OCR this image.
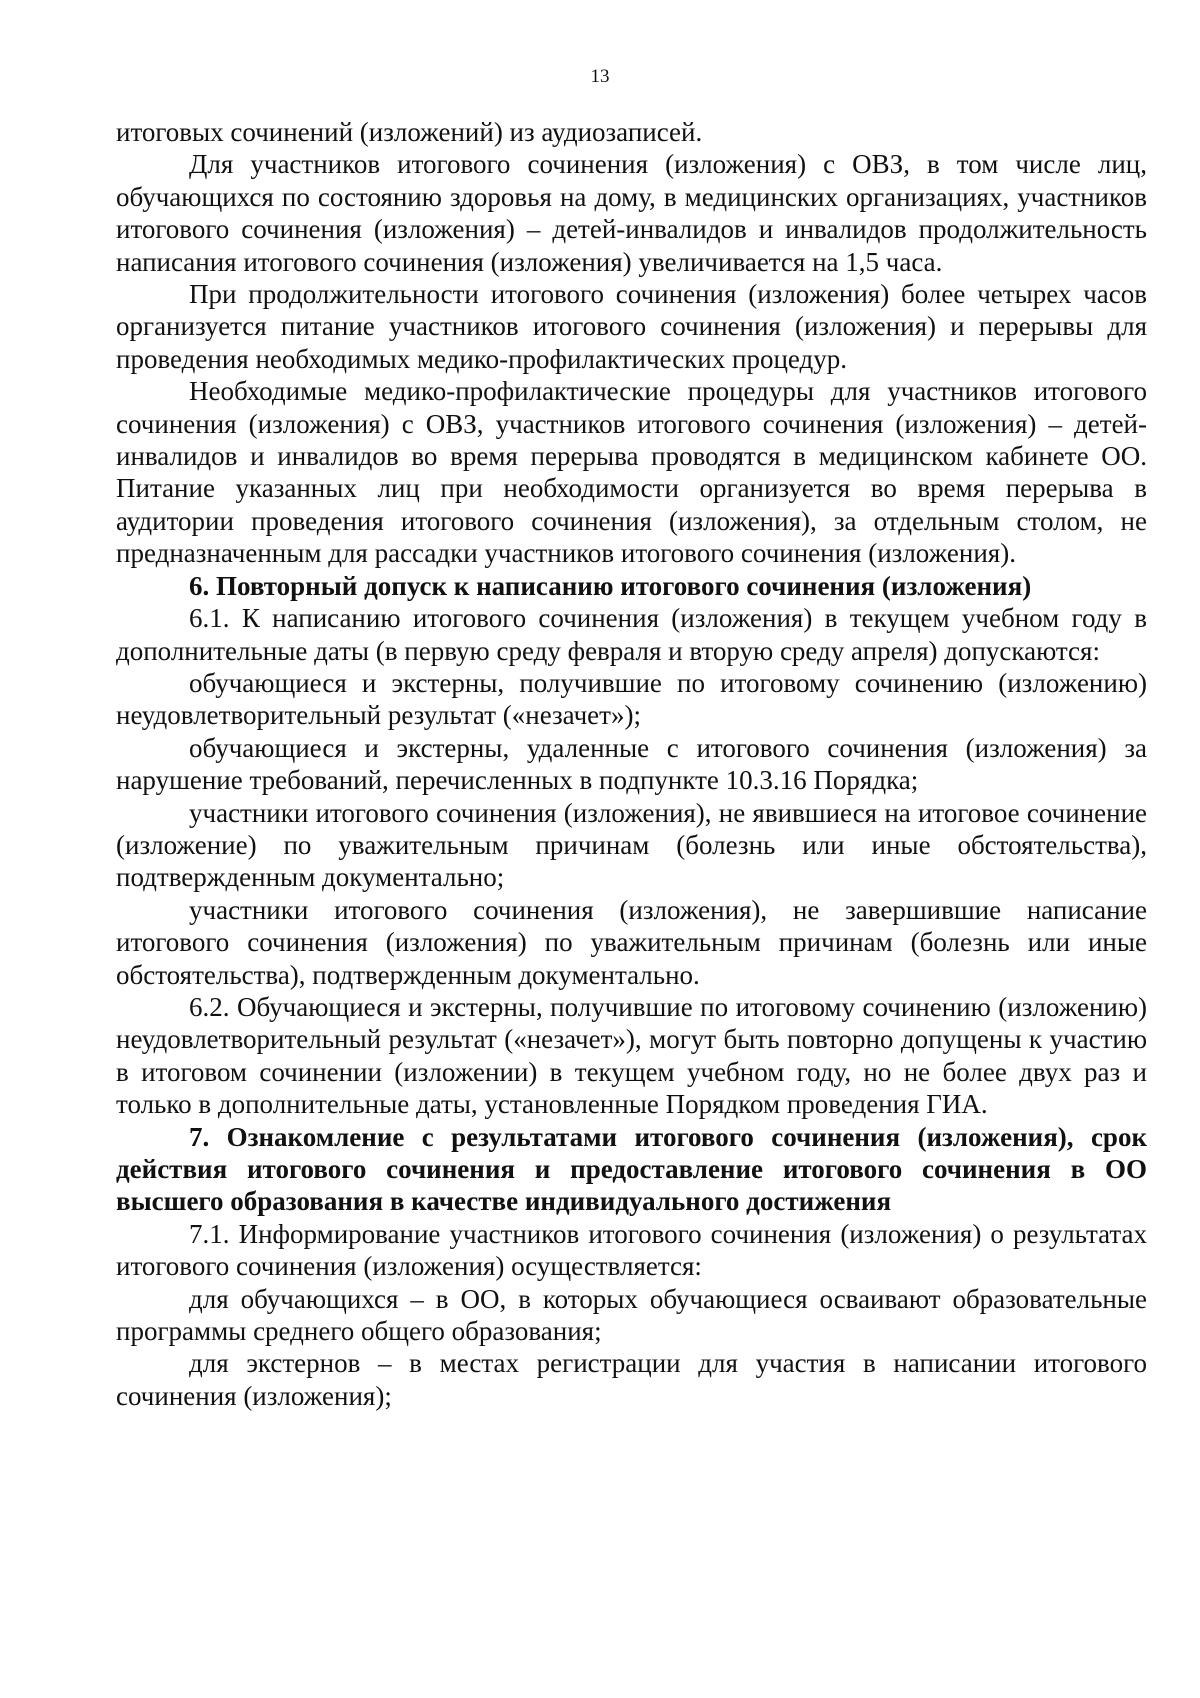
13

итоговых сочинений (изложений) из аудиозаписей.

Для участников итогового сочинения (изложения) с ОВЗ, в том числе лиц, обучающихся по состоянию здоровья на дому, в медицинских организациях, участников итогового сочинения (изложения) – детей-инвалидов и инвалидов продолжительность написания итогового сочинения (изложения) увеличивается на 1,5 часа.

При продолжительности итогового сочинения (изложения) более четырех часов организуется питание участников итогового сочинения (изложения) и перерывы для проведения необходимых медико-профилактических процедур.

Необходимые медико-профилактические процедуры для участников итогового сочинения (изложения) с ОВЗ, участников итогового сочинения (изложения) – детей-инвалидов и инвалидов во время перерыва проводятся в медицинском кабинете ОО. Питание указанных лиц при необходимости организуется во время перерыва в аудитории проведения итогового сочинения (изложения), за отдельным столом, не предназначенным для рассадки участников итогового сочинения (изложения).

6. Повторный допуск к написанию итогового сочинения (изложения)

6.1. К написанию итогового сочинения (изложения) в текущем учебном году в дополнительные даты (в первую среду февраля и вторую среду апреля) допускаются:

обучающиеся и экстерны, получившие по итоговому сочинению (изложению) неудовлетворительный результат («незачет»);

обучающиеся и экстерны, удаленные с итогового сочинения (изложения) за нарушение требований, перечисленных в подпункте 10.3.16 Порядка;

участники итогового сочинения (изложения), не явившиеся на итоговое сочинение (изложение) по уважительным причинам (болезнь или иные обстоятельства), подтвержденным документально;

участники итогового сочинения (изложения), не завершившие написание итогового сочинения (изложения) по уважительным причинам (болезнь или иные обстоятельства), подтвержденным документально.

6.2. Обучающиеся и экстерны, получившие по итоговому сочинению (изложению) неудовлетворительный результат («незачет»), могут быть повторно допущены к участию в итоговом сочинении (изложении) в текущем учебном году, но не более двух раз и только в дополнительные даты, установленные Порядком проведения ГИА.

7. Ознакомление с результатами итогового сочинения (изложения), срок действия итогового сочинения и предоставление итогового сочинения в ОО высшего образования в качестве индивидуального достижения

7.1. Информирование участников итогового сочинения (изложения) о результатах итогового сочинения (изложения) осуществляется:

для обучающихся – в ОО, в которых обучающиеся осваивают образовательные программы среднего общего образования;

для экстернов – в местах регистрации для участия в написании итогового сочинения (изложения);
